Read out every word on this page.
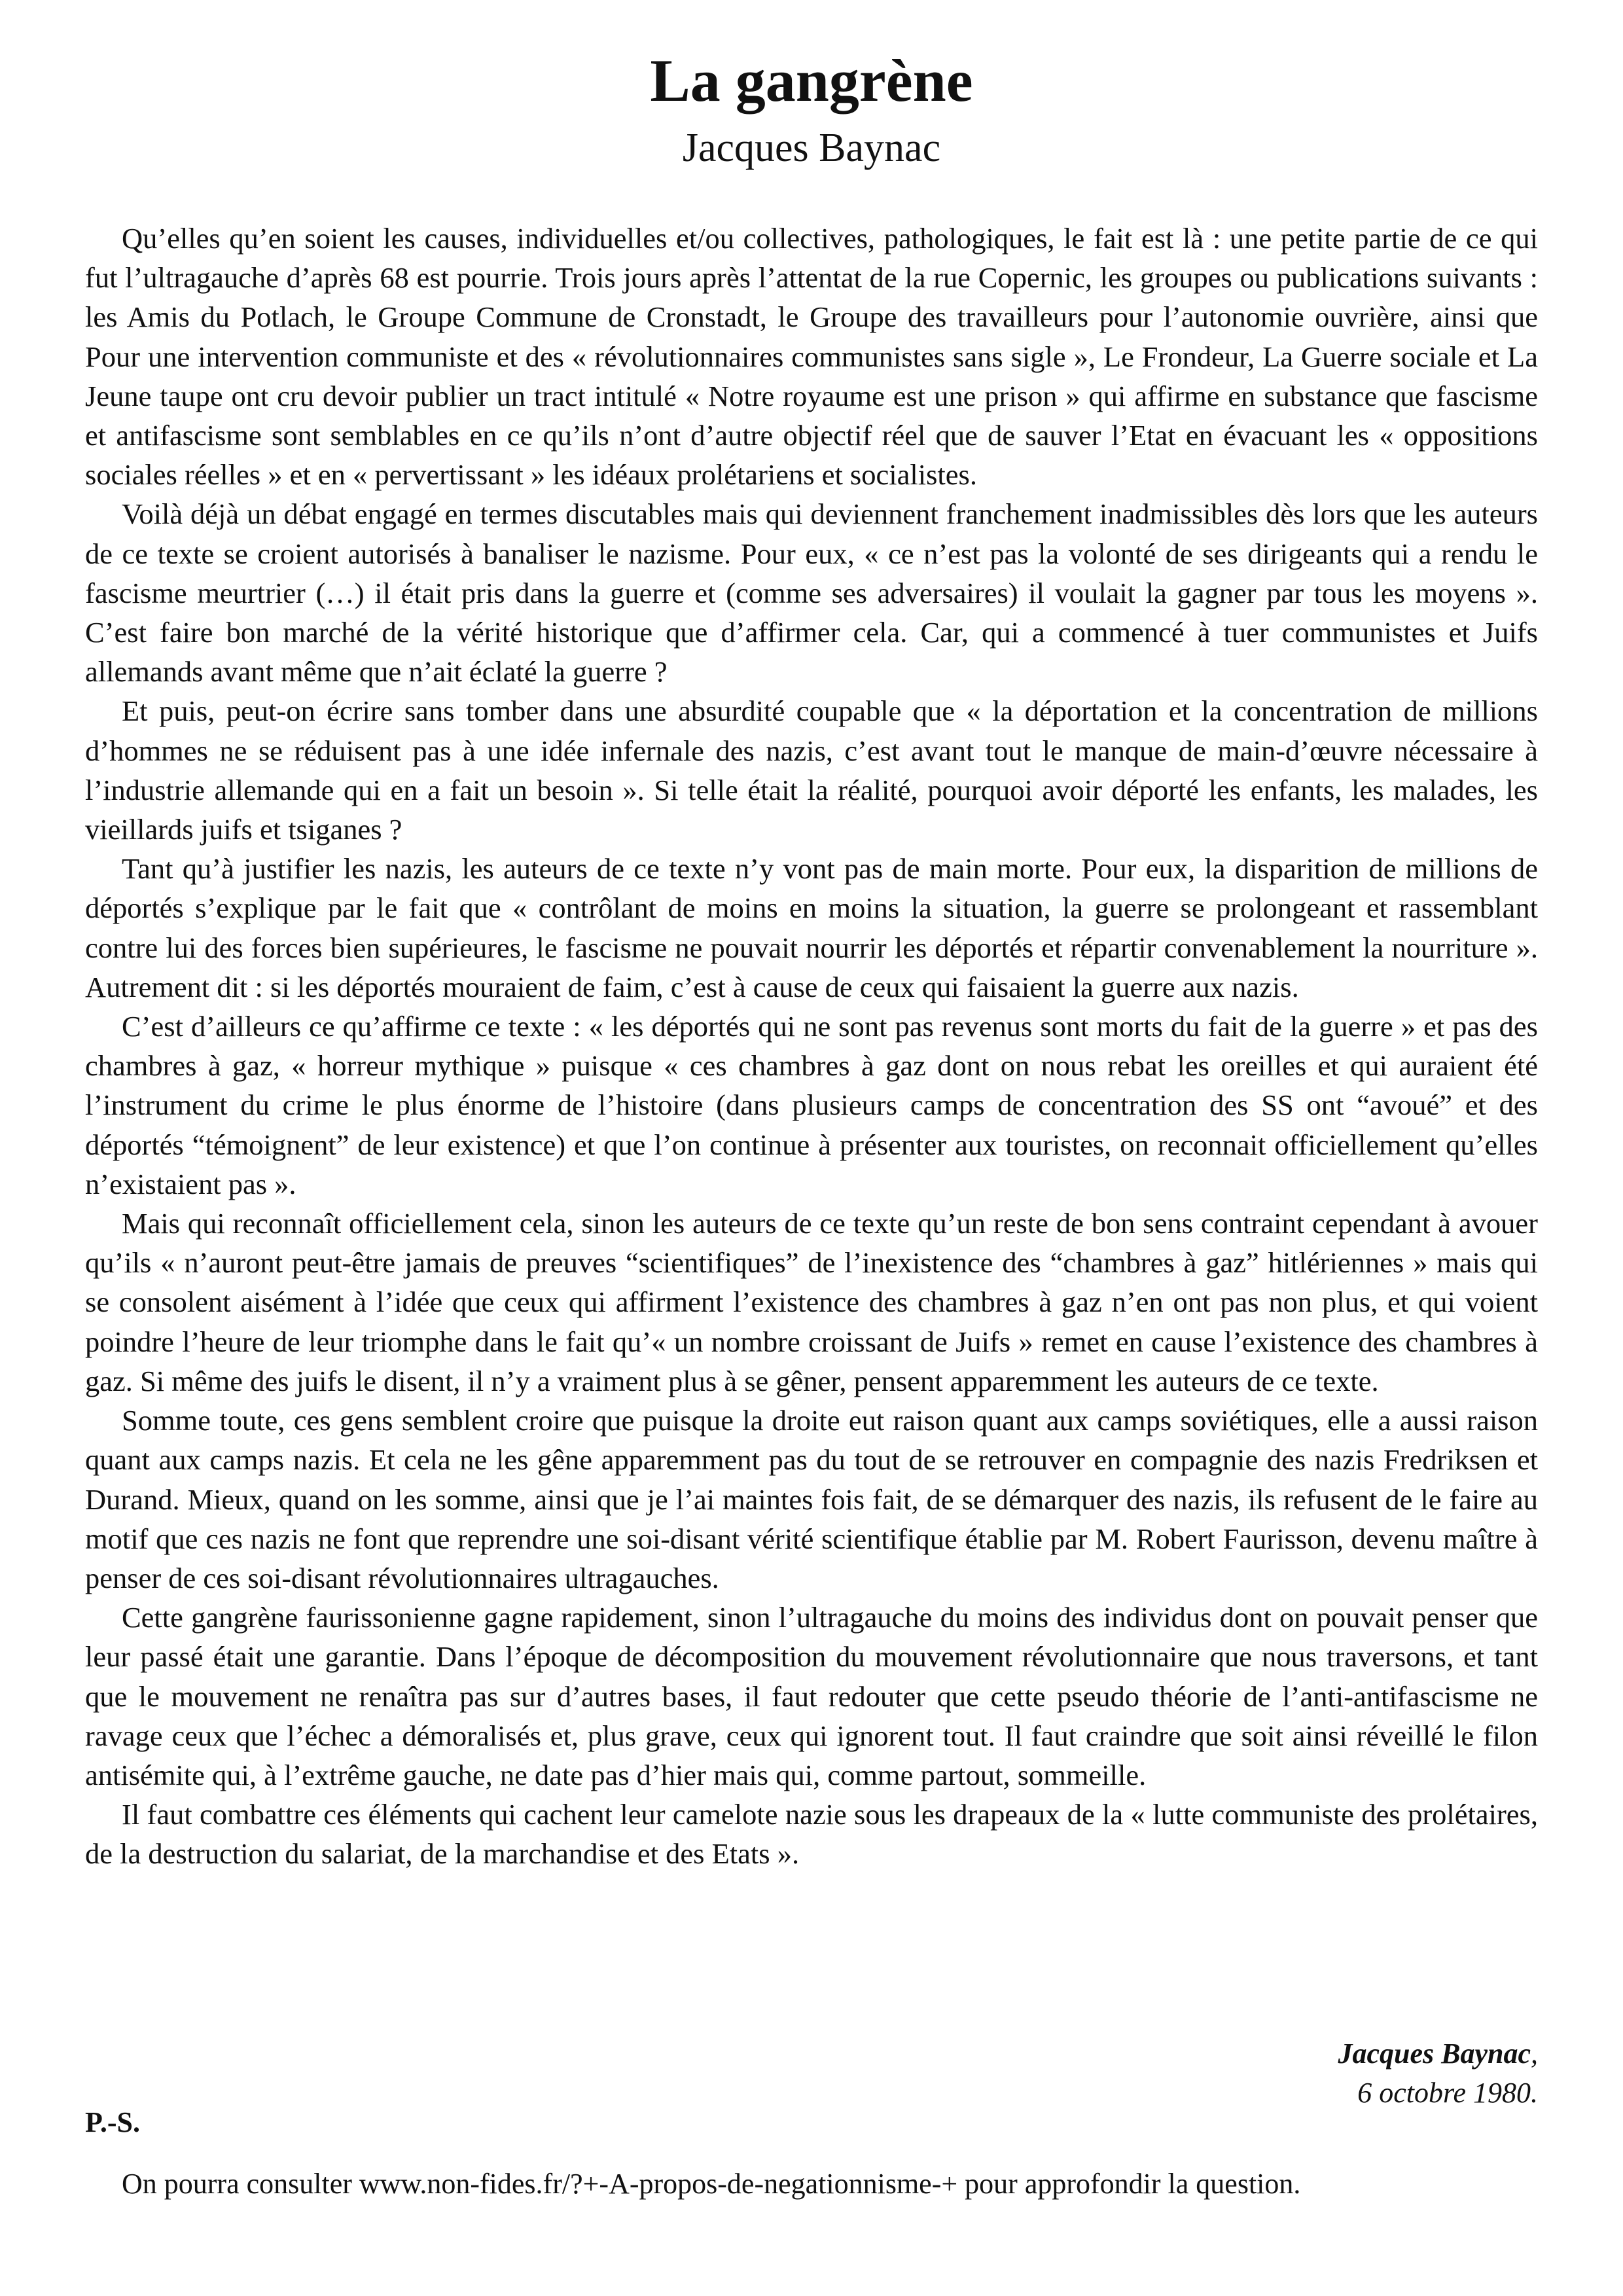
La gangrène
Jacques Baynac

Qu’elles qu’en soient les causes, individuelles et/ou collectives, pathologiques, le fait est là : une petite partie de ce qui fut l’ultragauche d’après 68 est pourrie. Trois jours après l’attentat de la rue Copernic, les groupes ou publications suivants : les Amis du Potlach, le Groupe Commune de Cronstadt, le Groupe des travailleurs pour l’autonomie ouvrière, ainsi que Pour une intervention communiste et des « révolutionnaires communistes sans sigle », Le Frondeur, La Guerre sociale et La Jeune taupe ont cru devoir publier un tract intitulé « Notre royaume est une prison » qui affirme en substance que fascisme et antifascisme sont semblables en ce qu’ils n’ont d’autre objectif réel que de sauver l’Etat en évacuant les « oppositions sociales réelles » et en « pervertissant » les idéaux prolétariens et socialistes.

Voilà déjà un débat engagé en termes discutables mais qui deviennent franchement inadmissibles dès lors que les auteurs de ce texte se croient autorisés à banaliser le nazisme. Pour eux, « ce n’est pas la volonté de ses dirigeants qui a rendu le fascisme meurtrier (…) il était pris dans la guerre et (comme ses adversaires) il voulait la gagner par tous les moyens ». C’est faire bon marché de la vérité historique que d’affirmer cela. Car, qui a commencé à tuer communistes et Juifs allemands avant même que n’ait éclaté la guerre ?

Et puis, peut-on écrire sans tomber dans une absurdité coupable que « la déportation et la concentration de millions d’hommes ne se réduisent pas à une idée infernale des nazis, c’est avant tout le manque de main-d’œuvre nécessaire à l’industrie allemande qui en a fait un besoin ». Si telle était la réalité, pourquoi avoir déporté les enfants, les malades, les vieillards juifs et tsiganes ?

Tant qu’à justifier les nazis, les auteurs de ce texte n’y vont pas de main morte. Pour eux, la disparition de millions de déportés s’explique par le fait que « contrôlant de moins en moins la situation, la guerre se prolongeant et rassemblant contre lui des forces bien supérieures, le fascisme ne pouvait nourrir les déportés et répartir convenablement la nourriture ». Autrement dit : si les déportés mouraient de faim, c’est à cause de ceux qui faisaient la guerre aux nazis.

C’est d’ailleurs ce qu’affirme ce texte : « les déportés qui ne sont pas revenus sont morts du fait de la guerre » et pas des chambres à gaz, « horreur mythique » puisque « ces chambres à gaz dont on nous rebat les oreilles et qui auraient été l’instrument du crime le plus énorme de l’histoire (dans plusieurs camps de concentration des SS ont “avoué” et des déportés “témoignent” de leur existence) et que l’on continue à présenter aux touristes, on reconnait officiellement qu’elles n’existaient pas ».

Mais qui reconnaît officiellement cela, sinon les auteurs de ce texte qu’un reste de bon sens contraint cependant à avouer qu’ils « n’auront peut-être jamais de preuves “scientifiques” de l’inexistence des “chambres à gaz” hitlériennes » mais qui se consolent aisément à l’idée que ceux qui affirment l’existence des chambres à gaz n’en ont pas non plus, et qui voient poindre l’heure de leur triomphe dans le fait qu’« un nombre croissant de Juifs » remet en cause l’existence des chambres à gaz. Si même des juifs le disent, il n’y a vraiment plus à se gêner, pensent apparemment les auteurs de ce texte.

Somme toute, ces gens semblent croire que puisque la droite eut raison quant aux camps soviétiques, elle a aussi raison quant aux camps nazis. Et cela ne les gêne apparemment pas du tout de se retrouver en compagnie des nazis Fredriksen et Durand. Mieux, quand on les somme, ainsi que je l’ai maintes fois fait, de se démarquer des nazis, ils refusent de le faire au motif que ces nazis ne font que reprendre une soi-disant vérité scientifique établie par M. Robert Faurisson, devenu maître à penser de ces soi-disant révolutionnaires ultragauches.

Cette gangrène faurissonienne gagne rapidement, sinon l’ultragauche du moins des individus dont on pouvait penser que leur passé était une garantie. Dans l’époque de décomposition du mouvement révolutionnaire que nous traversons, et tant que le mouvement ne renaîtra pas sur d’autres bases, il faut redouter que cette pseudo théorie de l’anti-antifascisme ne ravage ceux que l’échec a démoralisés et, plus grave, ceux qui ignorent tout. Il faut craindre que soit ainsi réveillé le filon antisémite qui, à l’extrême gauche, ne date pas d’hier mais qui, comme partout, sommeille.

Il faut combattre ces éléments qui cachent leur camelote nazie sous les drapeaux de la « lutte communiste des prolétaires, de la destruction du salariat, de la marchandise et des Etats ».

Jacques Baynac,
6 octobre 1980.
P.-S.
On pourra consulter www.non-fides.fr/?+-A-propos-de-negationnisme-+ pour approfondir la question.
